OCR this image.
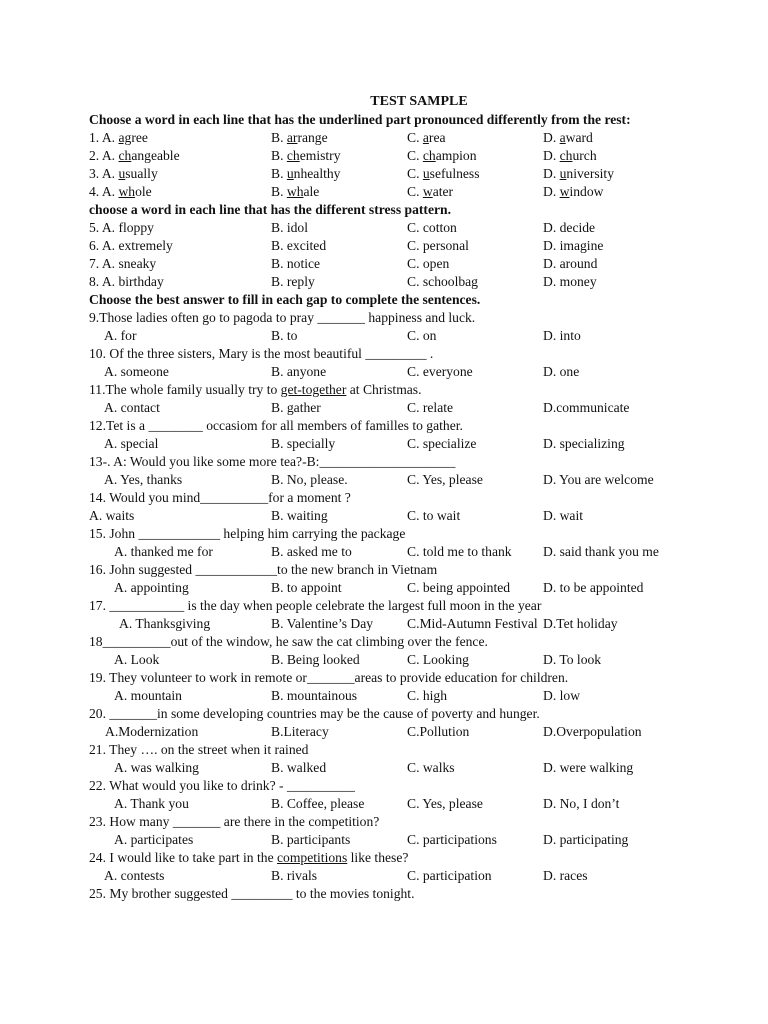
TEST SAMPLE
Choose a word in each line that has the underlined part pronounced differently from the rest:
1. A. agree	B. arrange	C. area	D. award
2. A. changeable	B. chemistry	C. champion	D. church
3. A. usually	B. unhealthy	C. usefulness	D. university
4. A. whole	B. whale	C. water	D. window
choose a word in each line that has the different stress pattern.
5. A. floppy	B. idol	C. cotton	D. decide
6. A. extremely	B. excited	C. personal	D. imagine
7. A. sneaky	B. notice	C. open	D. around
8. A. birthday	B. reply	C. schoolbag	D. money
Choose the best answer to fill in each gap to complete the sentences.
9.Those ladies often go to pagoda to pray _______ happiness and luck.
A. for	B. to	C. on	D. into
10. Of the three sisters, Mary is the most beautiful _________ .
A. someone	B. anyone	C. everyone	D. one
11.The whole family usually try to get-together at Christmas.
A. contact	B. gather	C. relate	D.communicate
12.Tet is a ________ occasiom for all members of familles to gather.
A. special	B. specially	C. specialize	D. specializing
13-. A: Would you like some more tea?-B:____________________
A. Yes, thanks	B. No, please.	C. Yes, please	D. You are welcome
14. Would you mind__________for a moment ?
A. waits	B. waiting	C. to wait	D. wait
15. John ____________ helping him carrying the package
A. thanked me for	B. asked me to	C. told me to thank D. said thank you me
16. John suggested ____________to the new branch in Vietnam
A. appointing	B. to appoint	C. being appointed D. to be appointed
17. ___________ is the day when people celebrate the largest full moon in the year
A. Thanksgiving	B. Valentine’s Day C.Mid-Autumn Festival D.Tet holiday
18__________out of the window, he saw the cat climbing over the fence.
A. Look	B. Being looked	C. Looking	D. To look
19. They volunteer to work in remote or_______areas to provide education for children.
A. mountain	B. mountainous	C. high	D. low
20. _______in some developing countries may be the cause of poverty and hunger.
A.Modernization	B.Literacy	C.Pollution	D.Overpopulation
21. They …. on the street when it rained
A. was walking	B. walked	C. walks	D. were walking
22. What would you like to drink? - __________
A. Thank you	B. Coffee, please	C. Yes, please	D. No, I don’t
23. How many _______ are there in the competition?
A. participates	B. participants	C. participations	D. participating
24. I would like to take part in the competitions like these?
A. contests	B. rivals	C. participation	D. races
25. My brother suggested _________ to the movies tonight.
